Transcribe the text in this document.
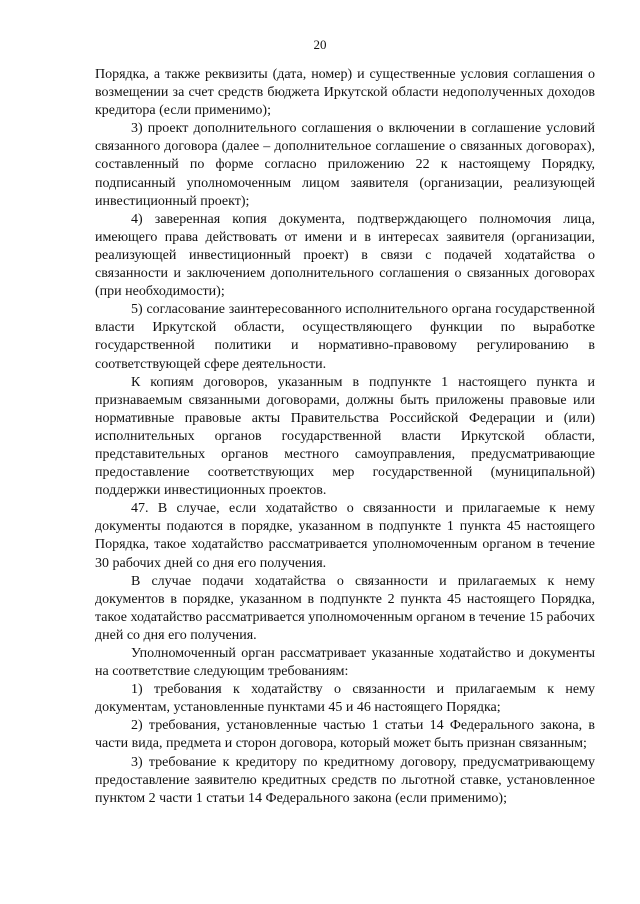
20

Порядка, а также реквизиты (дата, номер) и существенные условия соглашения о возмещении за счет средств бюджета Иркутской области недополученных доходов кредитора (если применимо);

3) проект дополнительного соглашения о включении в соглашение условий связанного договора (далее – дополнительное соглашение о связанных договорах), составленный по форме согласно приложению 22 к настоящему Порядку, подписанный уполномоченным лицом заявителя (организации, реализующей инвестиционный проект);

4) заверенная копия документа, подтверждающего полномочия лица, имеющего права действовать от имени и в интересах заявителя (организации, реализующей инвестиционный проект) в связи с подачей ходатайства о связанности и заключением дополнительного соглашения о связанных договорах (при необходимости);

5) согласование заинтересованного исполнительного органа государственной власти Иркутской области, осуществляющего функции по выработке государственной политики и нормативно-правовому регулированию в соответствующей сфере деятельности.

К копиям договоров, указанным в подпункте 1 настоящего пункта и признаваемым связанными договорами, должны быть приложены правовые или нормативные правовые акты Правительства Российской Федерации и (или) исполнительных органов государственной власти Иркутской области, представительных органов местного самоуправления, предусматривающие предоставление соответствующих мер государственной (муниципальной) поддержки инвестиционных проектов.

47. В случае, если ходатайство о связанности и прилагаемые к нему документы подаются в порядке, указанном в подпункте 1 пункта 45 настоящего Порядка, такое ходатайство рассматривается уполномоченным органом в течение 30 рабочих дней со дня его получения.

В случае подачи ходатайства о связанности и прилагаемых к нему документов в порядке, указанном в подпункте 2 пункта 45 настоящего Порядка, такое ходатайство рассматривается уполномоченным органом в течение 15 рабочих дней со дня его получения.

Уполномоченный орган рассматривает указанные ходатайство и документы на соответствие следующим требованиям:

1) требования к ходатайству о связанности и прилагаемым к нему документам, установленные пунктами 45 и 46 настоящего Порядка;

2) требования, установленные частью 1 статьи 14 Федерального закона, в части вида, предмета и сторон договора, который может быть признан связанным;

3) требование к кредитору по кредитному договору, предусматривающему предоставление заявителю кредитных средств по льготной ставке, установленное пунктом 2 части 1 статьи 14 Федерального закона (если применимо);
